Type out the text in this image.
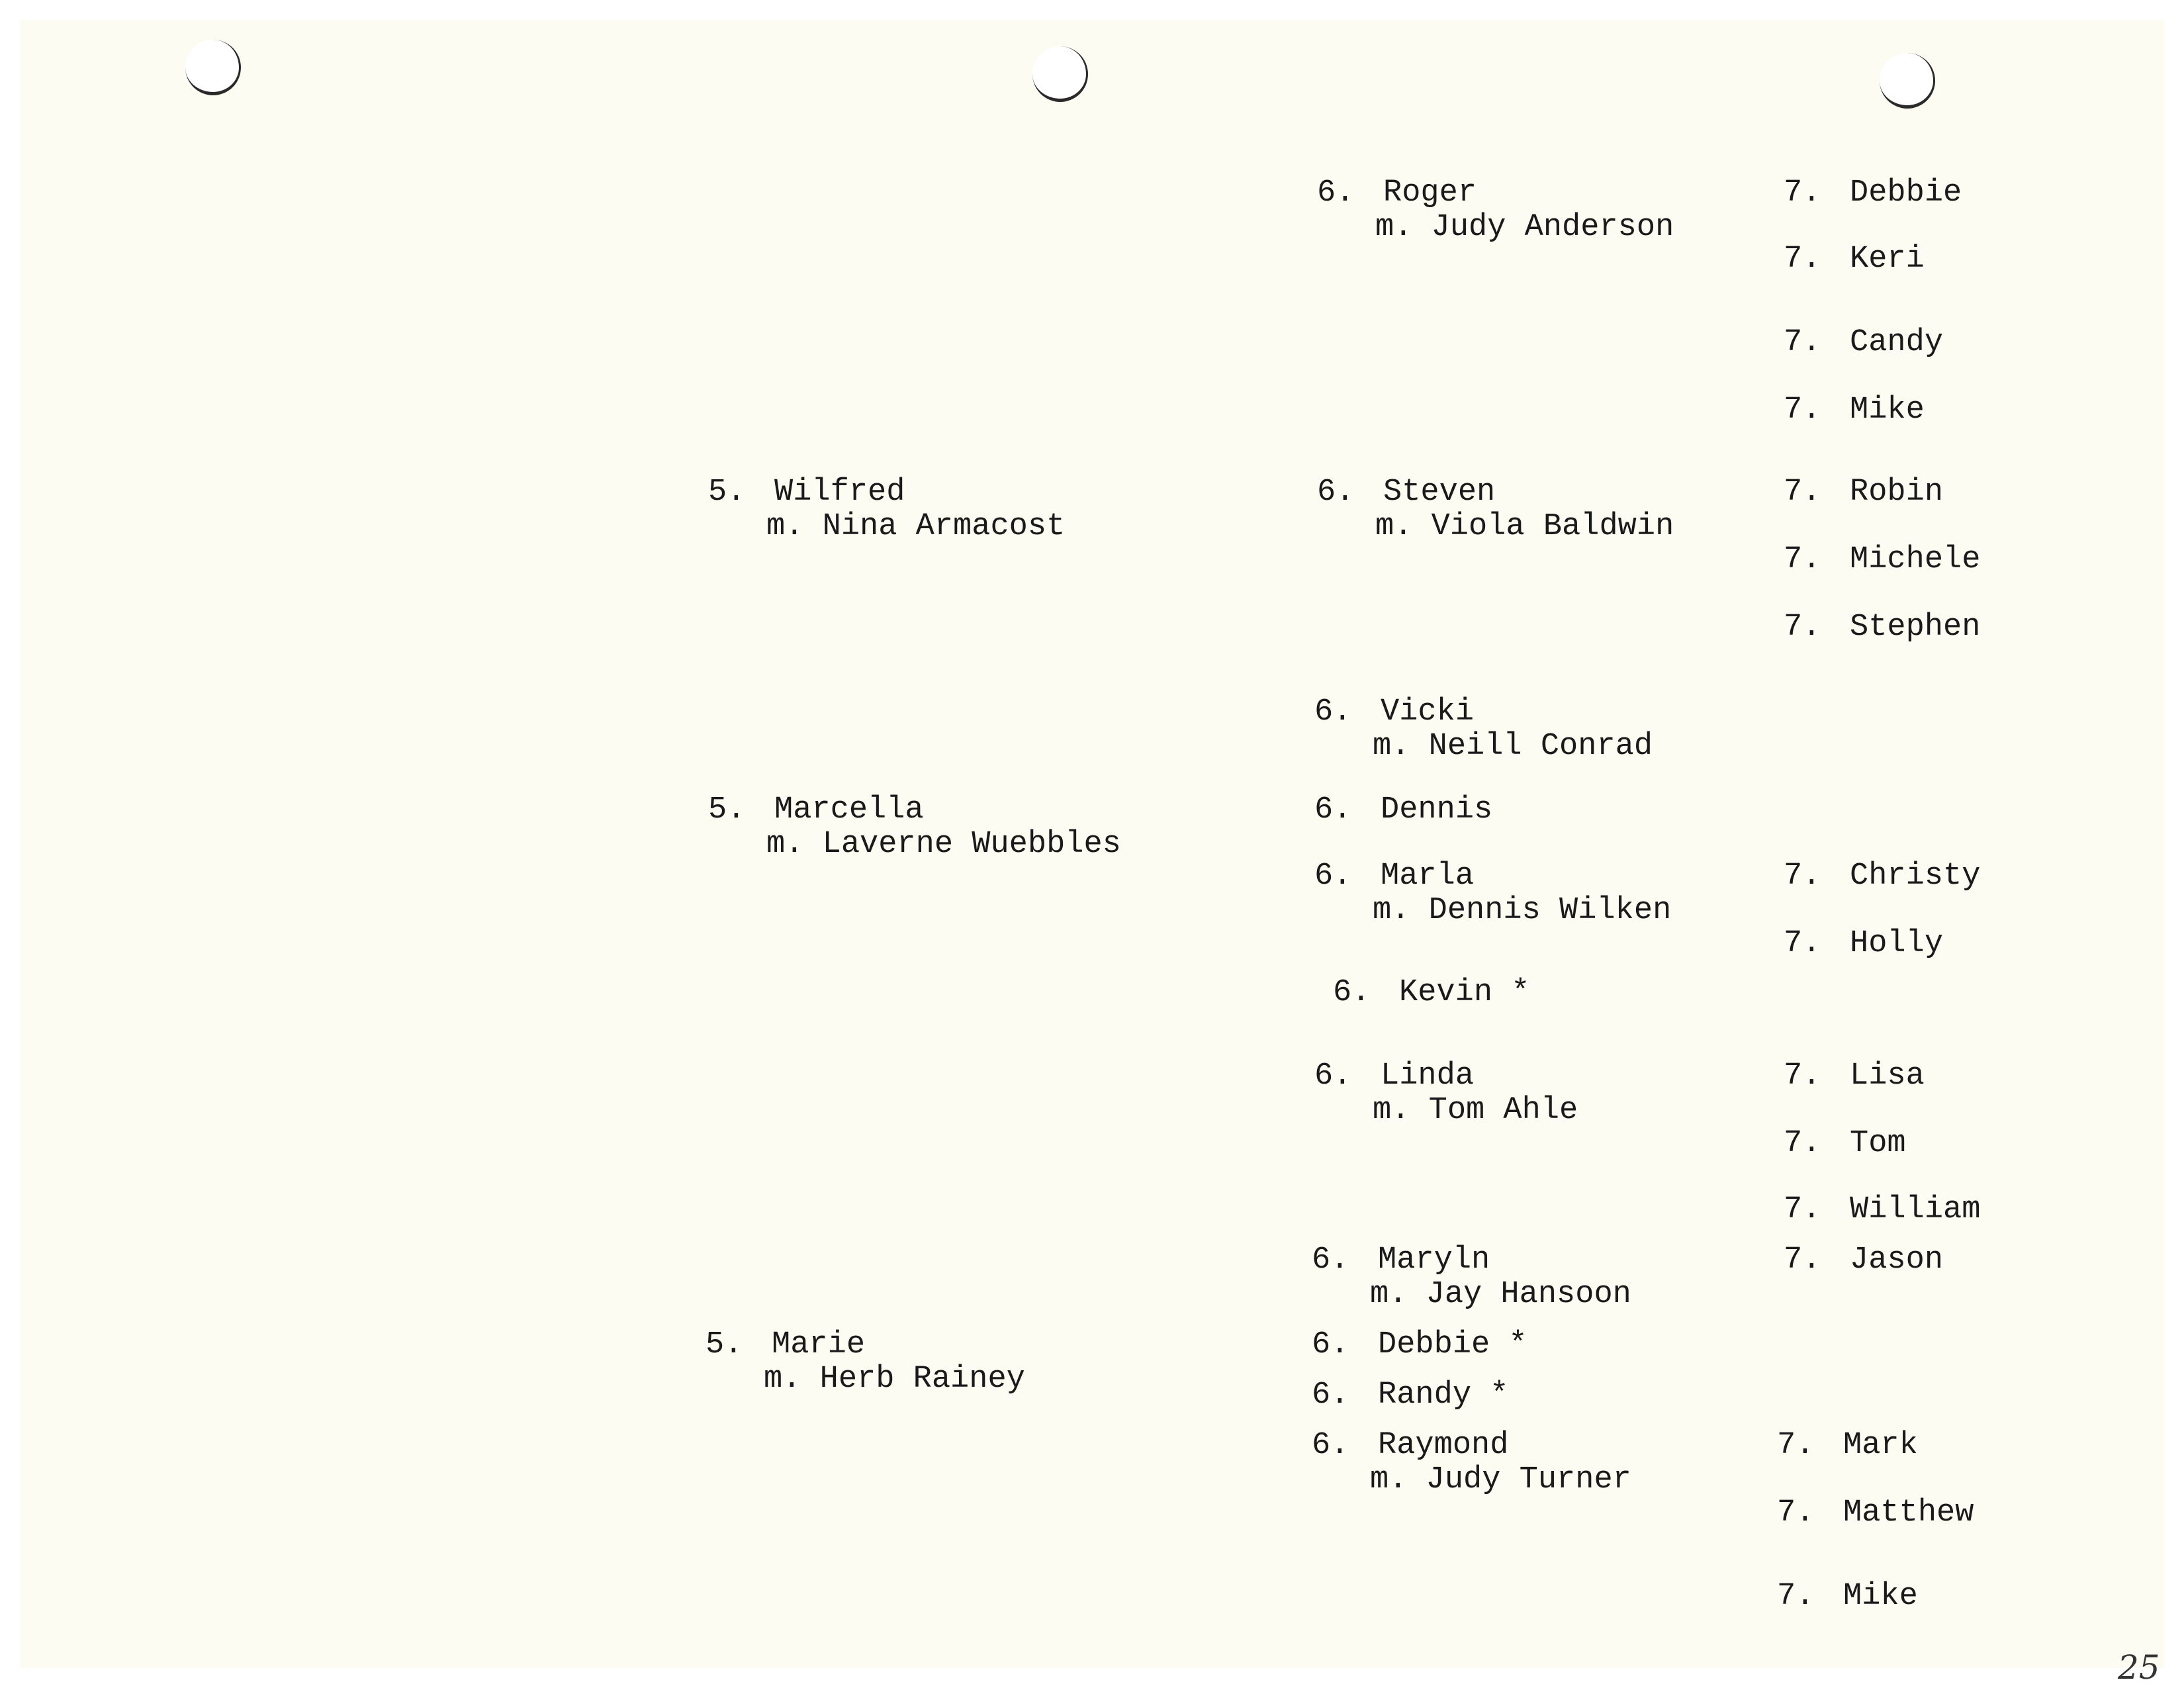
6. Roger
m. Judy Anderson
7. Debbie
7. Keri
7. Candy
7. Mike
5. Wilfred
m. Nina Armacost
6. Steven
m. Viola Baldwin
7. Robin
7. Michele
7. Stephen
6. Vicki
m. Neill Conrad
5. Marcella
m. Laverne Wuebbles
6. Dennis
6. Marla
m. Dennis Wilken
7. Christy
7. Holly
6. Kevin *
6. Linda
m. Tom Ahle
7. Lisa
7. Tom
7. William
6. Maryln
m. Jay Hansoon
7. Jason
5. Marie
m. Herb Rainey
6. Debbie *
6. Randy *
6. Raymond
m. Judy Turner
7. Mark
7. Matthew
7. Mike
25
